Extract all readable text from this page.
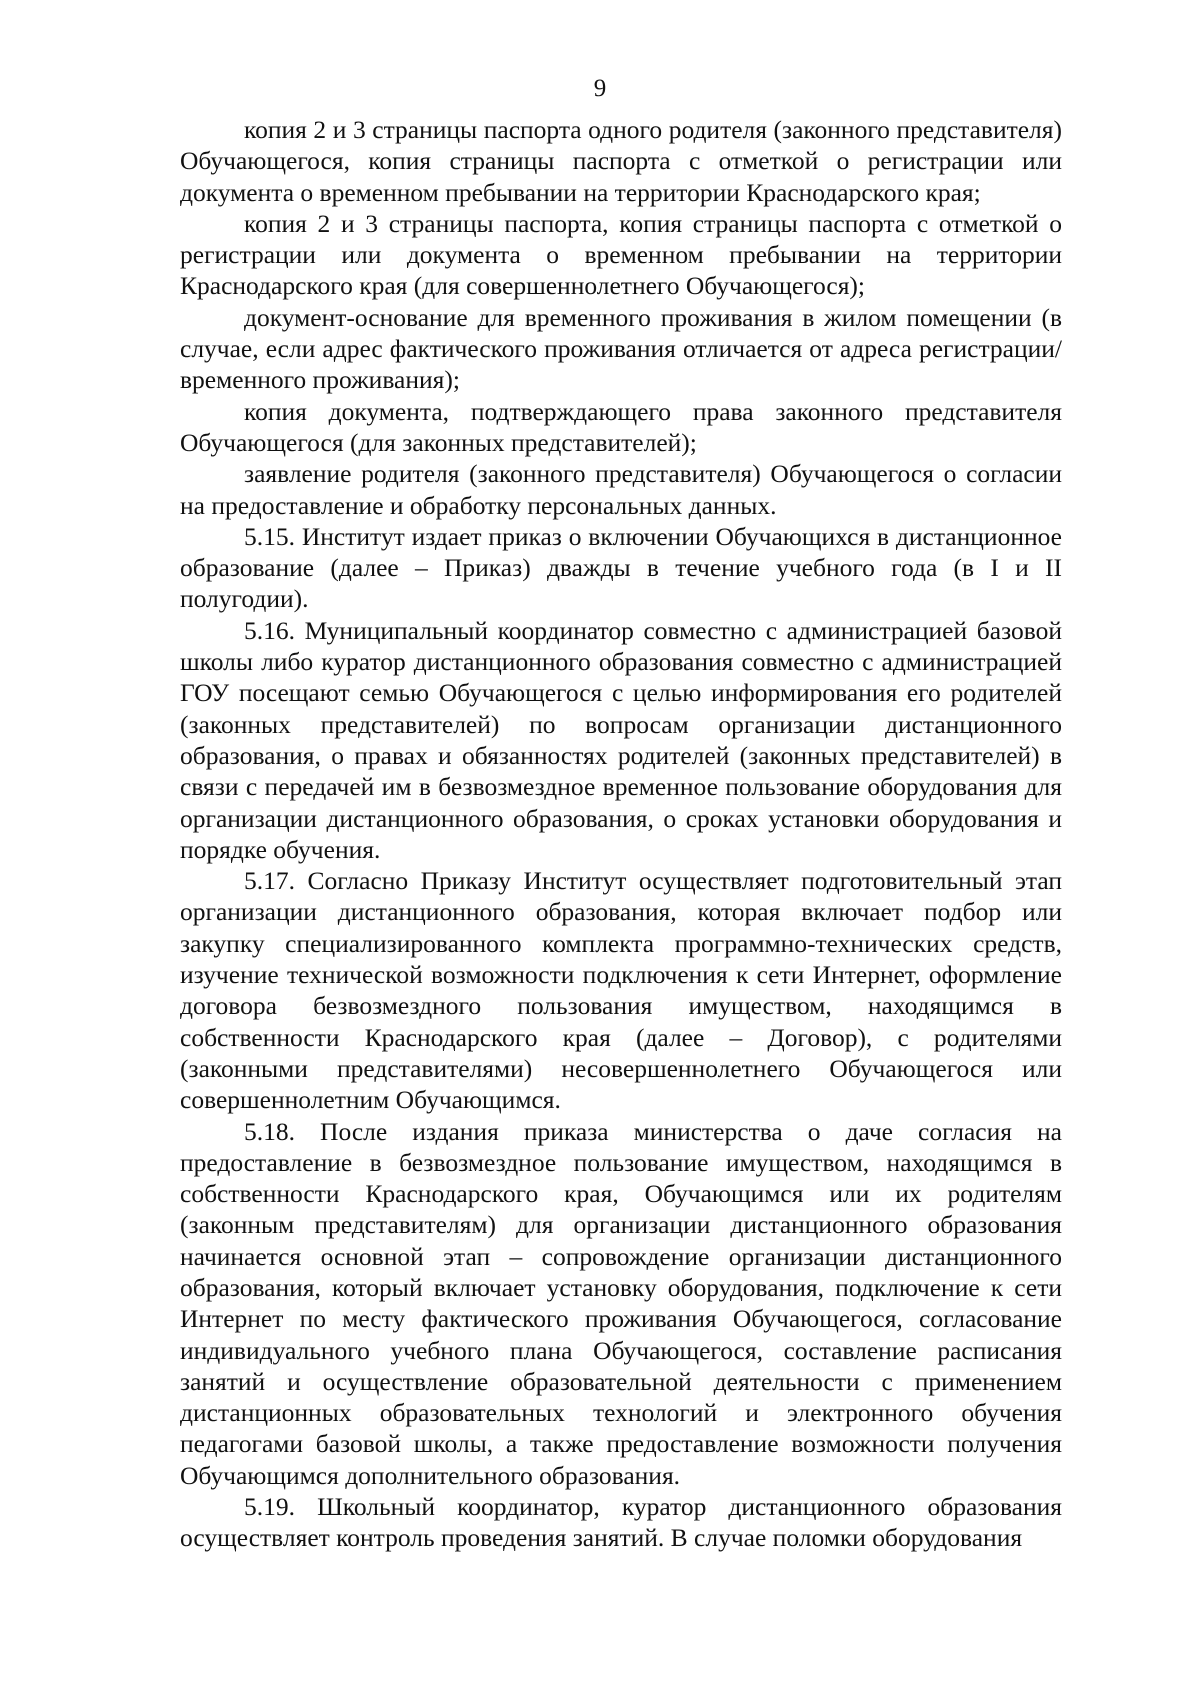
9

копия 2 и 3 страницы паспорта одного родителя (законного представителя) Обучающегося, копия страницы паспорта с отметкой о регистрации или документа о временном пребывании на территории Краснодарского края;

копия 2 и 3 страницы паспорта, копия страницы паспорта с отметкой о регистрации или документа о временном пребывании на территории Краснодарского края (для совершеннолетнего Обучающегося);

документ-основание для временного проживания в жилом помещении (в случае, если адрес фактического проживания отличается от адреса регистрации/временного проживания);

копия документа, подтверждающего права законного представителя Обучающегося (для законных представителей);

заявление родителя (законного представителя) Обучающегося о согласии на предоставление и обработку персональных данных.

5.15. Институт издает приказ о включении Обучающихся в дистанционное образование (далее – Приказ) дважды в течение учебного года (в I и II полугодии).

5.16. Муниципальный координатор совместно с администрацией базовой школы либо куратор дистанционного образования совместно с администрацией ГОУ посещают семью Обучающегося с целью информирования его родителей (законных представителей) по вопросам организации дистанционного образования, о правах и обязанностях родителей (законных представителей) в связи с передачей им в безвозмездное временное пользование оборудования для организации дистанционного образования, о сроках установки оборудования и порядке обучения.

5.17. Согласно Приказу Институт осуществляет подготовительный этап организации дистанционного образования, которая включает подбор или закупку специализированного комплекта программно-технических средств, изучение технической возможности подключения к сети Интернет, оформление договора безвозмездного пользования имуществом, находящимся в собственности Краснодарского края (далее – Договор), с родителями (законными представителями) несовершеннолетнего Обучающегося или совершеннолетним Обучающимся.

5.18. После издания приказа министерства о даче согласия на предоставление в безвозмездное пользование имуществом, находящимся в собственности Краснодарского края, Обучающимся или их родителям (законным представителям) для организации дистанционного образования начинается основной этап – сопровождение организации дистанционного образования, который включает установку оборудования, подключение к сети Интернет по месту фактического проживания Обучающегося, согласование индивидуального учебного плана Обучающегося, составление расписания занятий и осуществление образовательной деятельности с применением дистанционных образовательных технологий и электронного обучения педагогами базовой школы, а также предоставление возможности получения Обучающимся дополнительного образования.

5.19. Школьный координатор, куратор дистанционного образования осуществляет контроль проведения занятий. В случае поломки оборудования
